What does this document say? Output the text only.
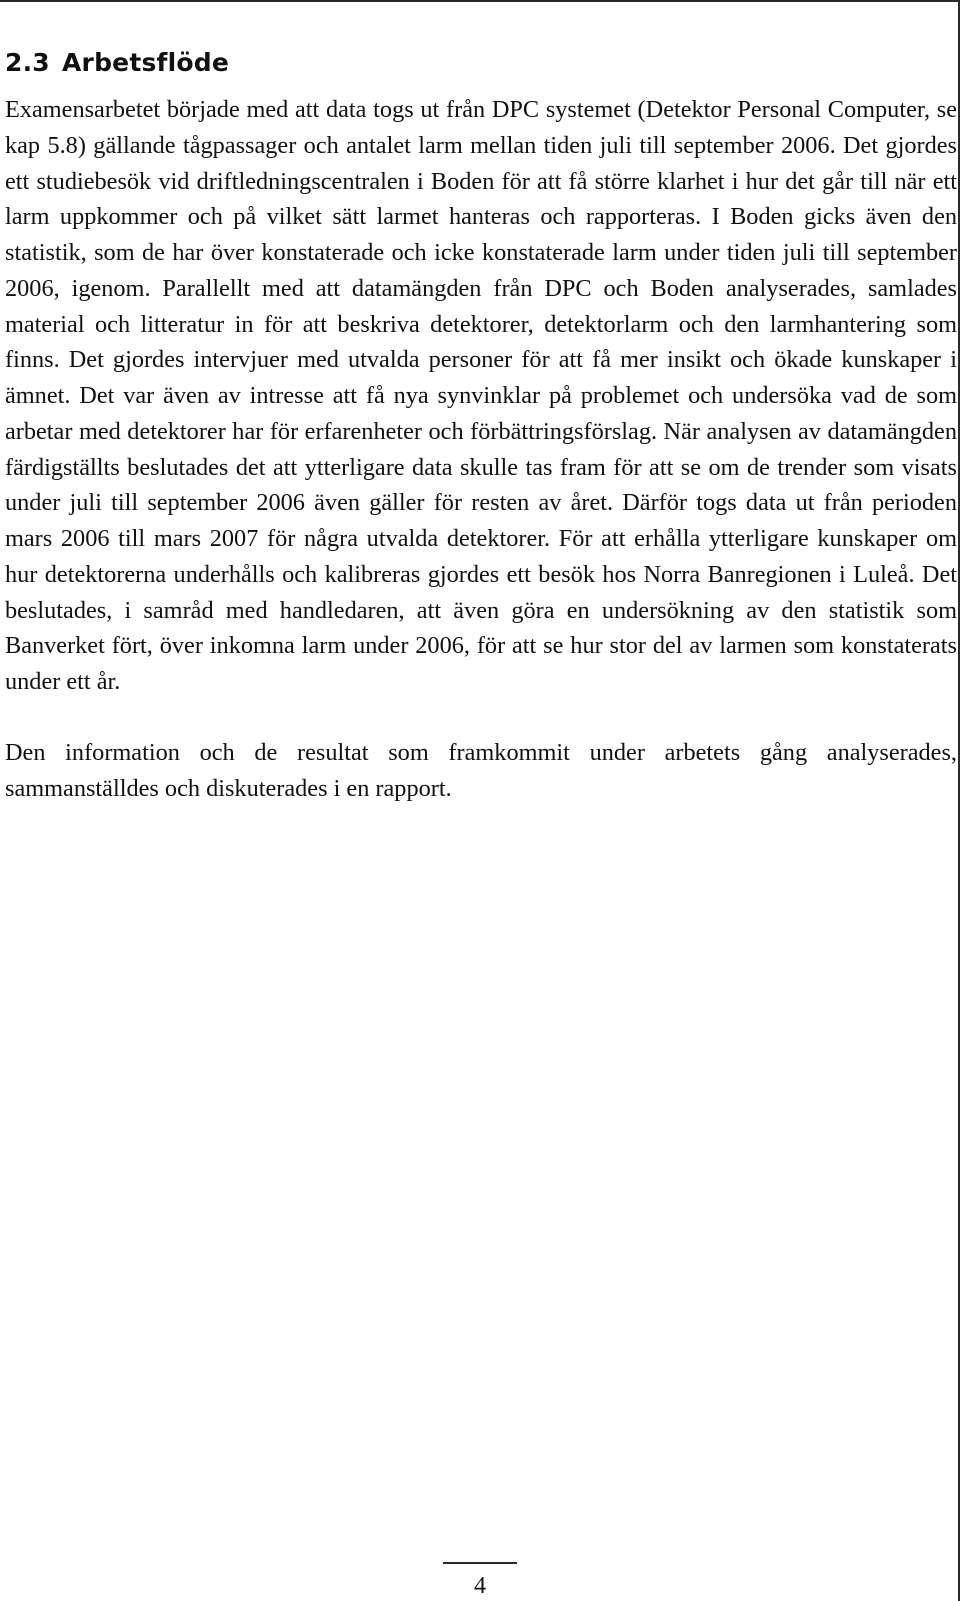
2.3 Arbetsflöde

Examensarbetet började med att data togs ut från DPC systemet (Detektor Personal Computer, se kap 5.8) gällande tågpassager och antalet larm mellan tiden juli till september 2006. Det gjordes ett studiebesök vid driftledningscentralen i Boden för att få större klarhet i hur det går till när ett larm uppkommer och på vilket sätt larmet hanteras och rapporteras. I Boden gicks även den statistik, som de har över konstaterade och icke konstaterade larm under tiden juli till september 2006, igenom. Parallellt med att datamängden från DPC och Boden analyserades, samlades material och litteratur in för att beskriva detektorer, detektorlarm och den larmhantering som finns. Det gjordes intervjuer med utvalda personer för att få mer insikt och ökade kunskaper i ämnet. Det var även av intresse att få nya synvinklar på problemet och undersöka vad de som arbetar med detektorer har för erfarenheter och förbättringsförslag. När analysen av datamängden färdigställts beslutades det att ytterligare data skulle tas fram för att se om de trender som visats under juli till september 2006 även gäller för resten av året. Därför togs data ut från perioden mars 2006 till mars 2007 för några utvalda detektorer. För att erhålla ytterligare kunskaper om hur detektorerna underhålls och kalibreras gjordes ett besök hos Norra Banregionen i Luleå. Det beslutades, i samråd med handledaren, att även göra en undersökning av den statistik som Banverket fört, över inkomna larm under 2006, för att se hur stor del av larmen som konstaterats under ett år.

Den information och de resultat som framkommit under arbetets gång analyserades, sammanställdes och diskuterades i en rapport.

4
